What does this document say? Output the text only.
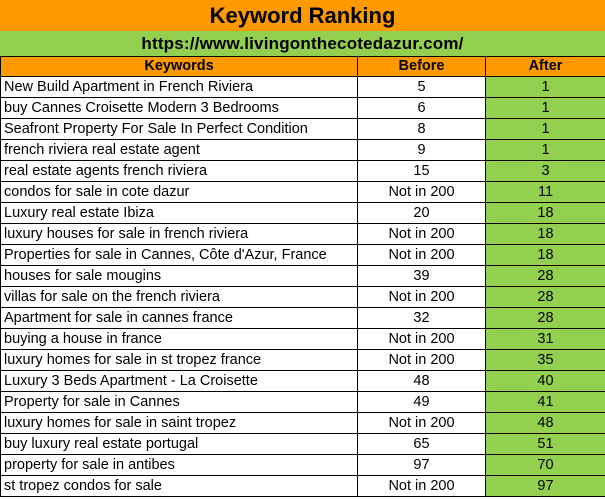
Keyword Ranking
https://www.livingonthecotedazur.com/
Keywords	Before	After
New Build Apartment in French Riviera	5	1
buy Cannes Croisette Modern 3 Bedrooms	6	1
Seafront Property For Sale In Perfect Condition	8	1
french riviera real estate agent	9	1
real estate agents french riviera	15	3
condos for sale in cote dazur	Not in 200	11
Luxury real estate Ibiza	20	18
luxury houses for sale in french riviera	Not in 200	18
Properties for sale in Cannes, Côte d'Azur, France	Not in 200	18
houses for sale mougins	39	28
villas for sale on the french riviera	Not in 200	28
Apartment for sale in cannes france	32	28
buying a house in france	Not in 200	31
luxury homes for sale in st tropez france	Not in 200	35
Luxury 3 Beds Apartment - La Croisette	48	40
Property for sale in Cannes	49	41
luxury homes for sale in saint tropez	Not in 200	48
buy luxury real estate portugal	65	51
property for sale in antibes	97	70
st tropez condos for sale	Not in 200	97
